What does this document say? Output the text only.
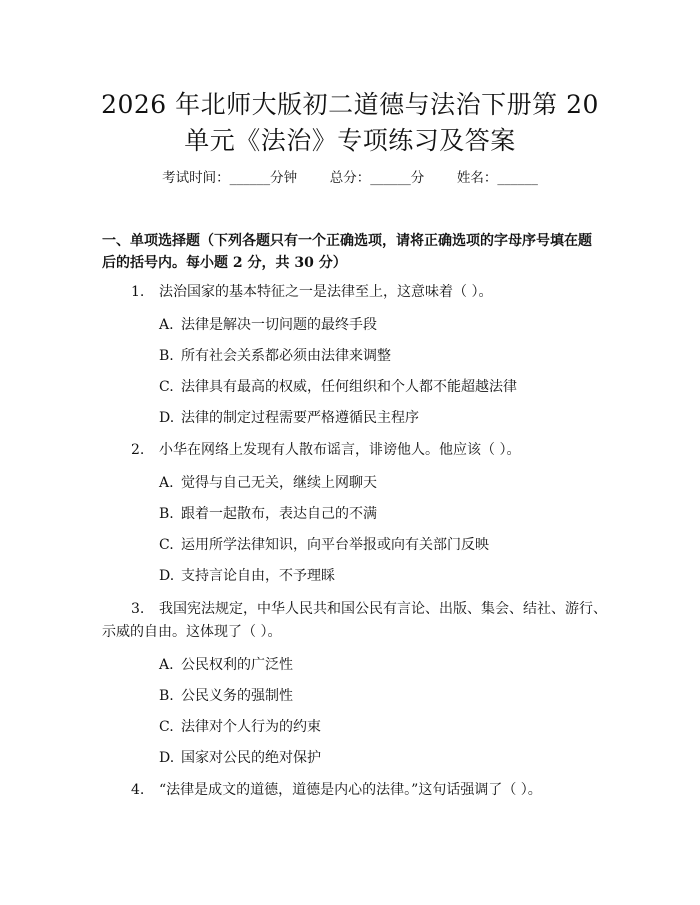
2026 年北师大版初二道德与法治下册第 20
单元《法治》专项练习及答案
考试时间：______分钟 总分：______分 姓名：______
一、单项选择题（下列各题只有一个正确选项，请将正确选项的字母序号填在题
后的括号内。每小题 2 分，共 30 分）
1. 法治国家的基本特征之一是法律至上，这意味着（ ）。
A. 法律是解决一切问题的最终手段
B. 所有社会关系都必须由法律来调整
C. 法律具有最高的权威，任何组织和个人都不能超越法律
D. 法律的制定过程需要严格遵循民主程序
2. 小华在网络上发现有人散布谣言，诽谤他人。他应该（ ）。
A. 觉得与自己无关，继续上网聊天
B. 跟着一起散布，表达自己的不满
C. 运用所学法律知识，向平台举报或向有关部门反映
D. 支持言论自由，不予理睬
3. 我国宪法规定，中华人民共和国公民有言论、出版、集会、结社、游行、
示威的自由。这体现了（ ）。
A. 公民权利的广泛性
B. 公民义务的强制性
C. 法律对个人行为的约束
D. 国家对公民的绝对保护
4. “法律是成文的道德，道德是内心的法律。”这句话强调了（ ）。
